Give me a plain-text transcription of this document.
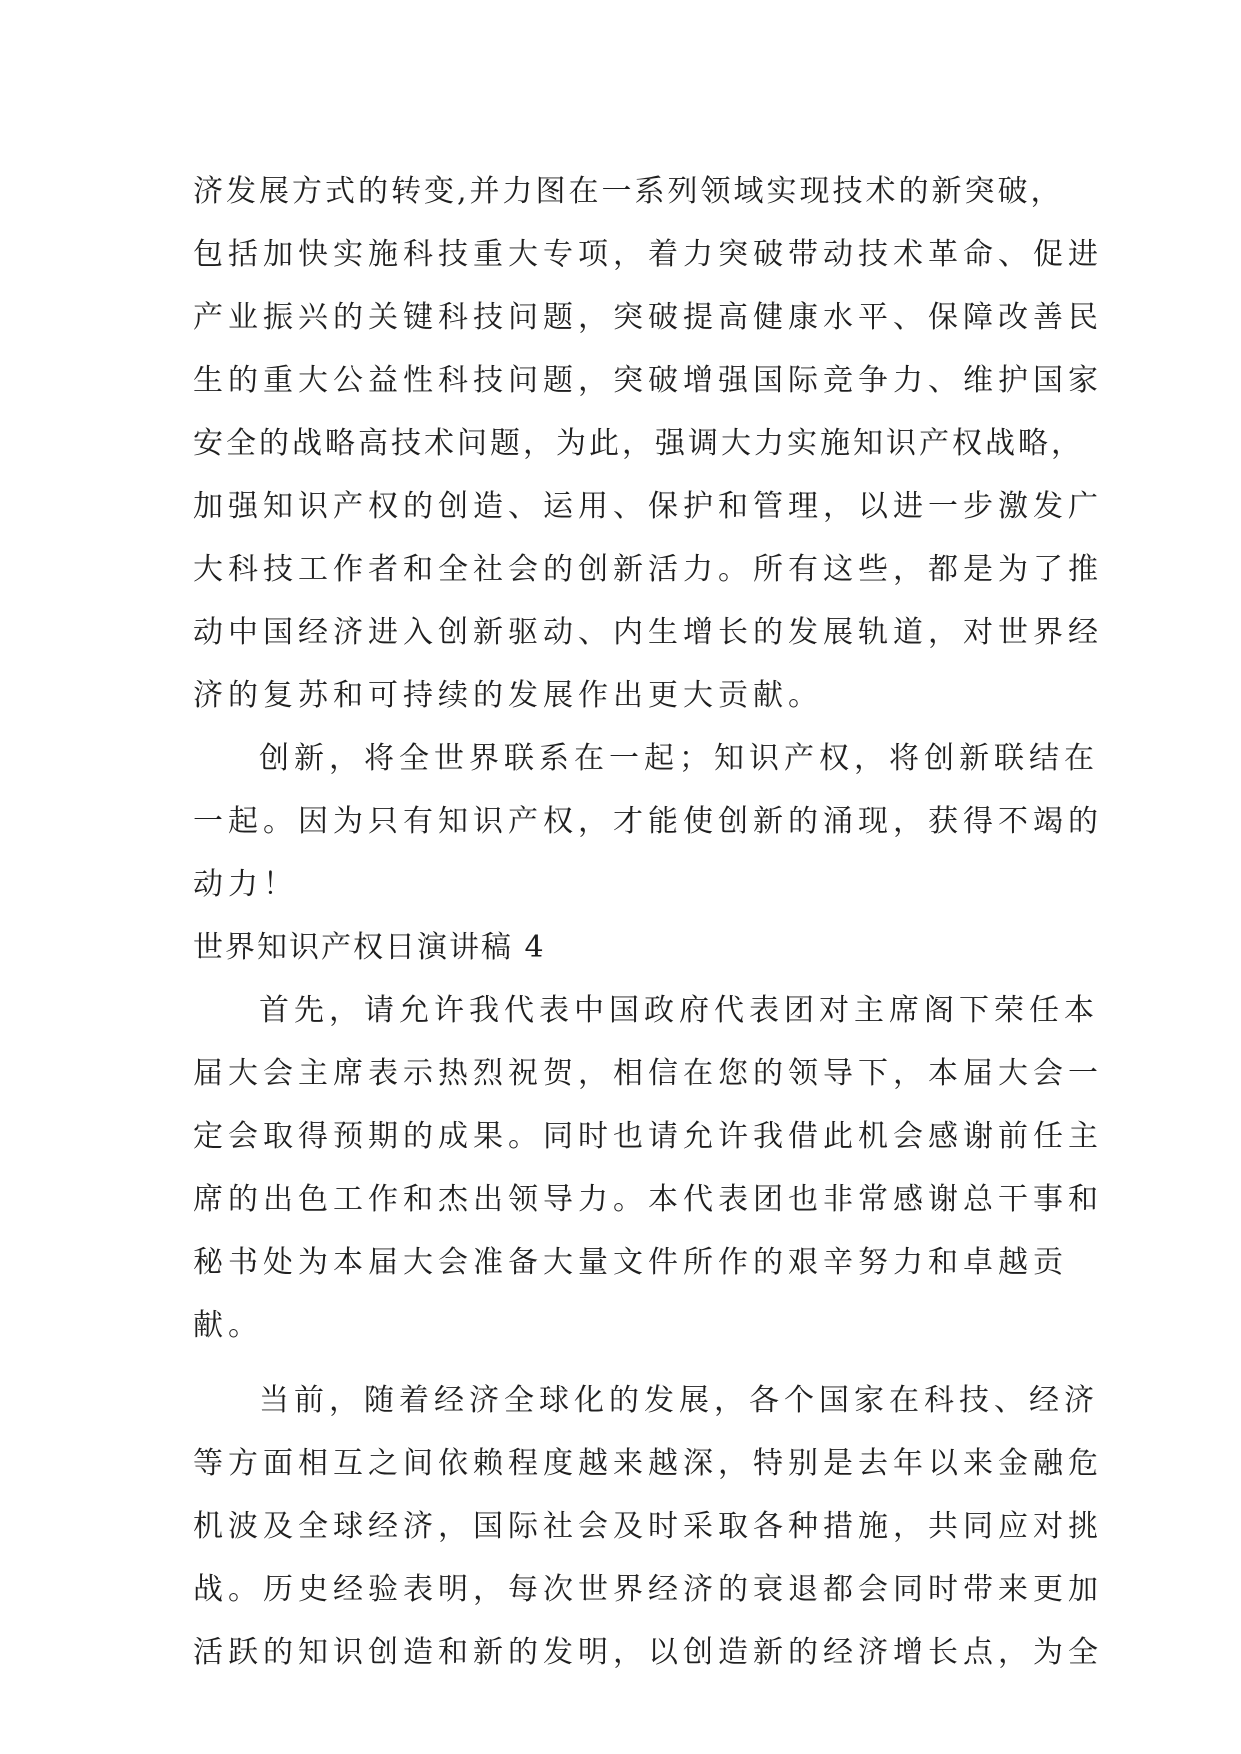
济发展方式的转变,并力图在一系列领域实现技术的新突破，
包括加快实施科技重大专项，着力突破带动技术革命、促进
产业振兴的关键科技问题，突破提高健康水平、保障改善民
生的重大公益性科技问题，突破增强国际竞争力、维护国家
安全的战略高技术问题，为此，强调大力实施知识产权战略，
加强知识产权的创造、运用、保护和管理，以进一步激发广
大科技工作者和全社会的创新活力。所有这些，都是为了推
动中国经济进入创新驱动、内生增长的发展轨道，对世界经
济的复苏和可持续的发展作出更大贡献。
创新，将全世界联系在一起；知识产权，将创新联结在
一起。因为只有知识产权，才能使创新的涌现，获得不竭的
动力！
世界知识产权日演讲稿 4
首先，请允许我代表中国政府代表团对主席阁下荣任本
届大会主席表示热烈祝贺，相信在您的领导下，本届大会一
定会取得预期的成果。同时也请允许我借此机会感谢前任主
席的出色工作和杰出领导力。本代表团也非常感谢总干事和
秘书处为本届大会准备大量文件所作的艰辛努力和卓越贡
献。
当前，随着经济全球化的发展，各个国家在科技、经济
等方面相互之间依赖程度越来越深，特别是去年以来金融危
机波及全球经济，国际社会及时采取各种措施，共同应对挑
战。历史经验表明，每次世界经济的衰退都会同时带来更加
活跃的知识创造和新的发明，以创造新的经济增长点，为全
